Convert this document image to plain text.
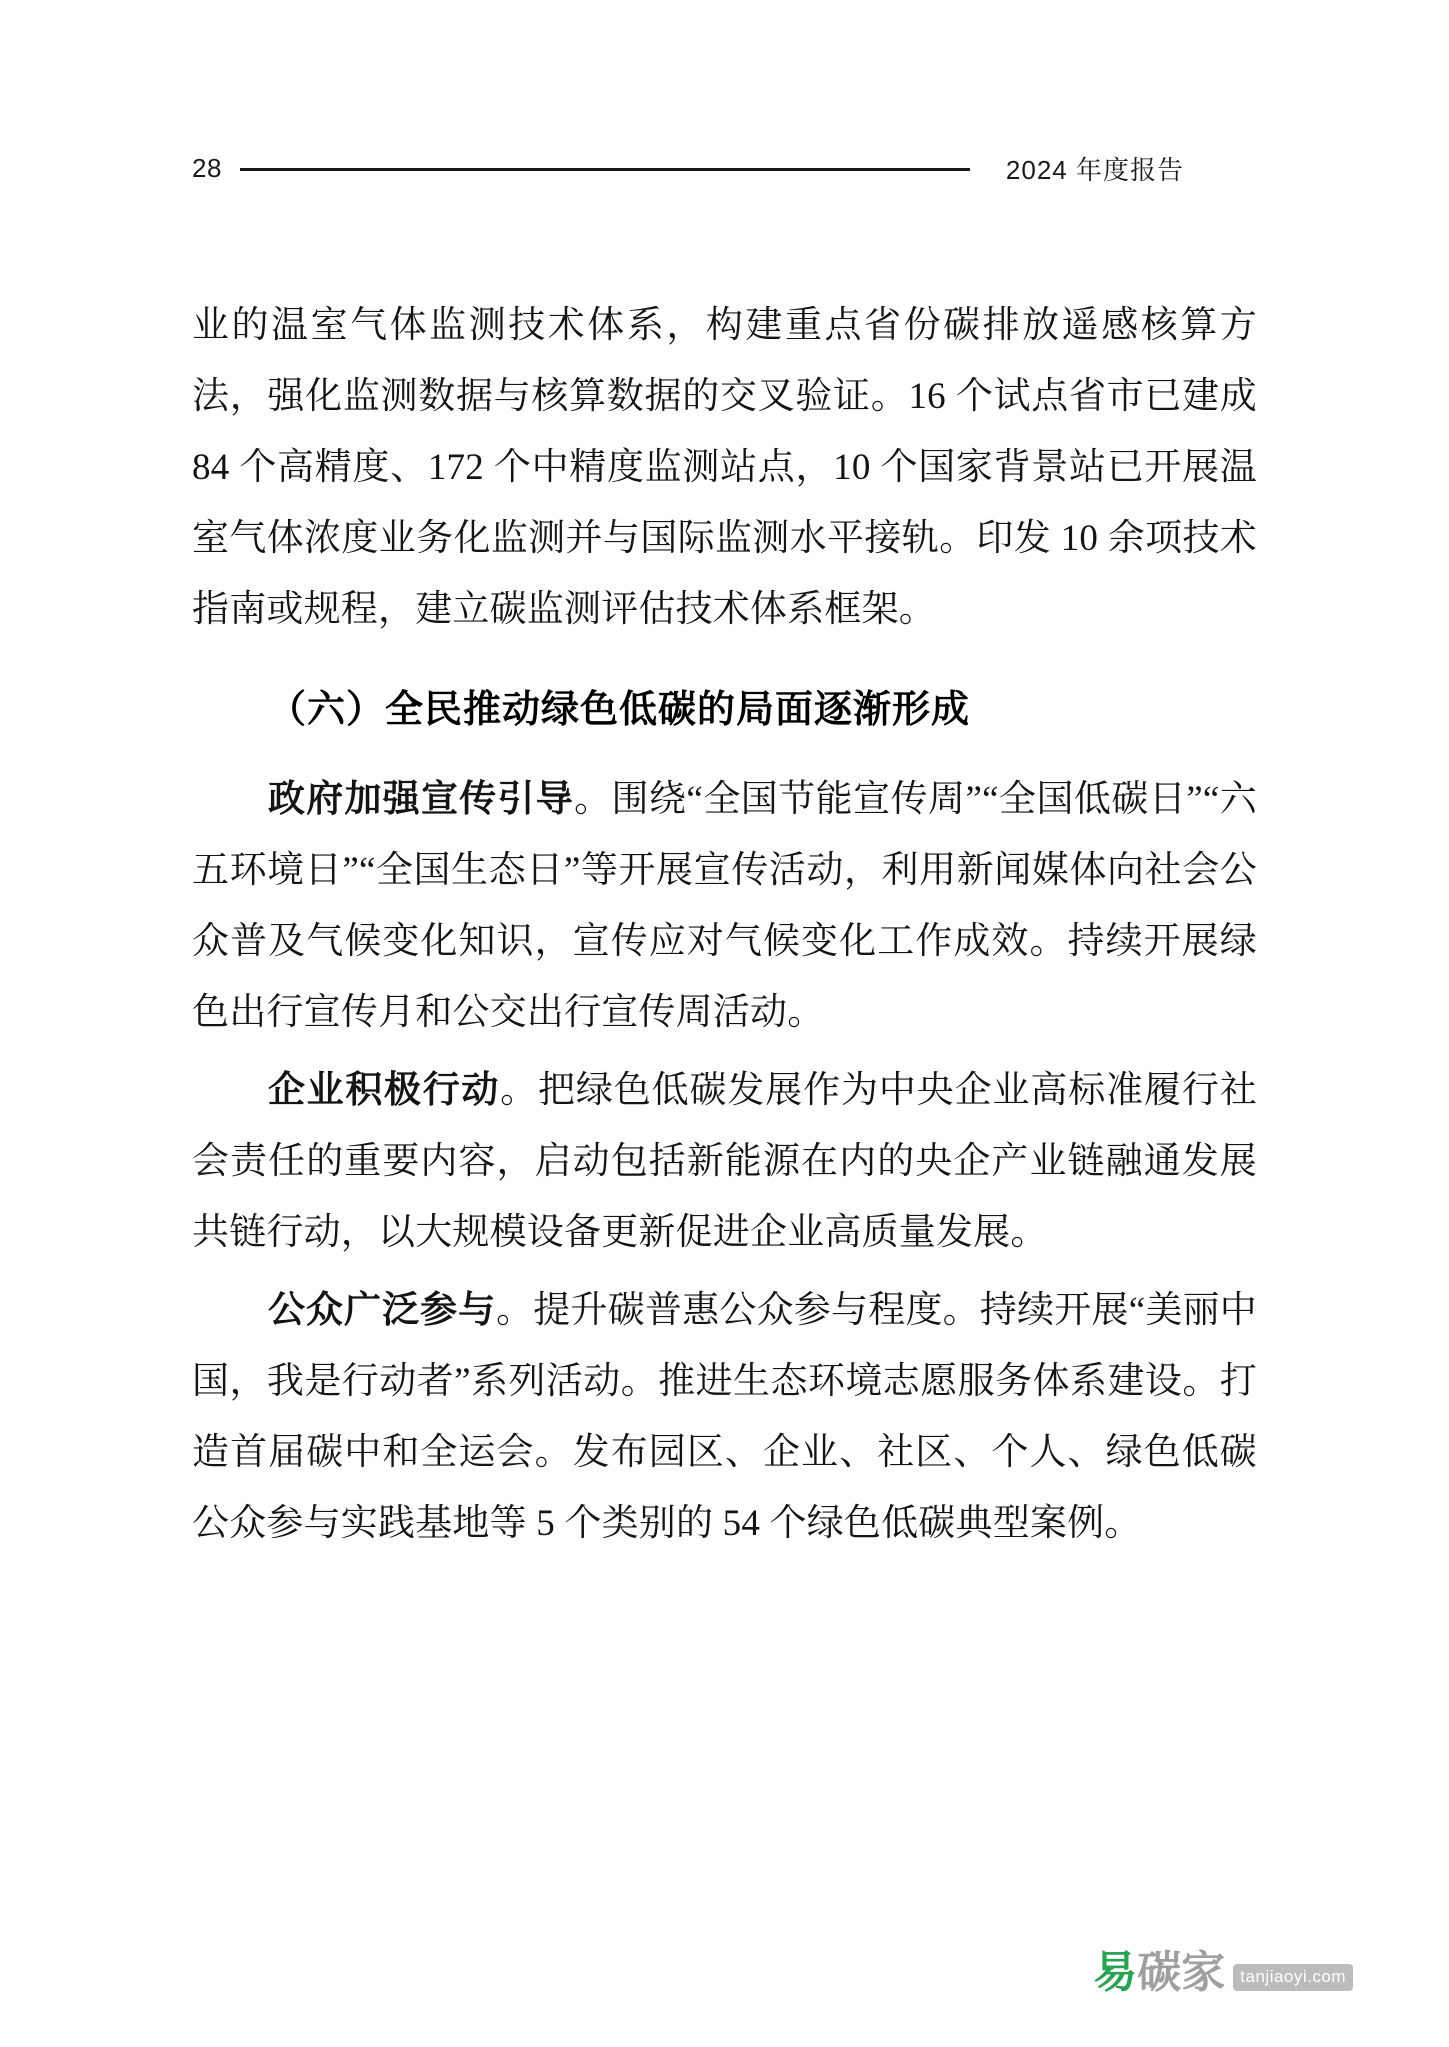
28	2024 年度报告

业的温室气体监测技术体系，构建重点省份碳排放遥感核算方法，强化监测数据与核算数据的交叉验证。16 个试点省市已建成 84 个高精度、172 个中精度监测站点，10 个国家背景站已开展温室气体浓度业务化监测并与国际监测水平接轨。印发 10 余项技术指南或规程，建立碳监测评估技术体系框架。

（六）全民推动绿色低碳的局面逐渐形成

政府加强宣传引导。围绕“全国节能宣传周”“全国低碳日”“六五环境日”“全国生态日”等开展宣传活动，利用新闻媒体向社会公众普及气候变化知识，宣传应对气候变化工作成效。持续开展绿色出行宣传月和公交出行宣传周活动。

企业积极行动。把绿色低碳发展作为中央企业高标准履行社会责任的重要内容，启动包括新能源在内的央企产业链融通发展共链行动，以大规模设备更新促进企业高质量发展。

公众广泛参与。提升碳普惠公众参与程度。持续开展“美丽中国，我是行动者”系列活动。推进生态环境志愿服务体系建设。打造首届碳中和全运会。发布园区、企业、社区、个人、绿色低碳公众参与实践基地等 5 个类别的 54 个绿色低碳典型案例。

易 碳 家 tanjiaoyi.com
